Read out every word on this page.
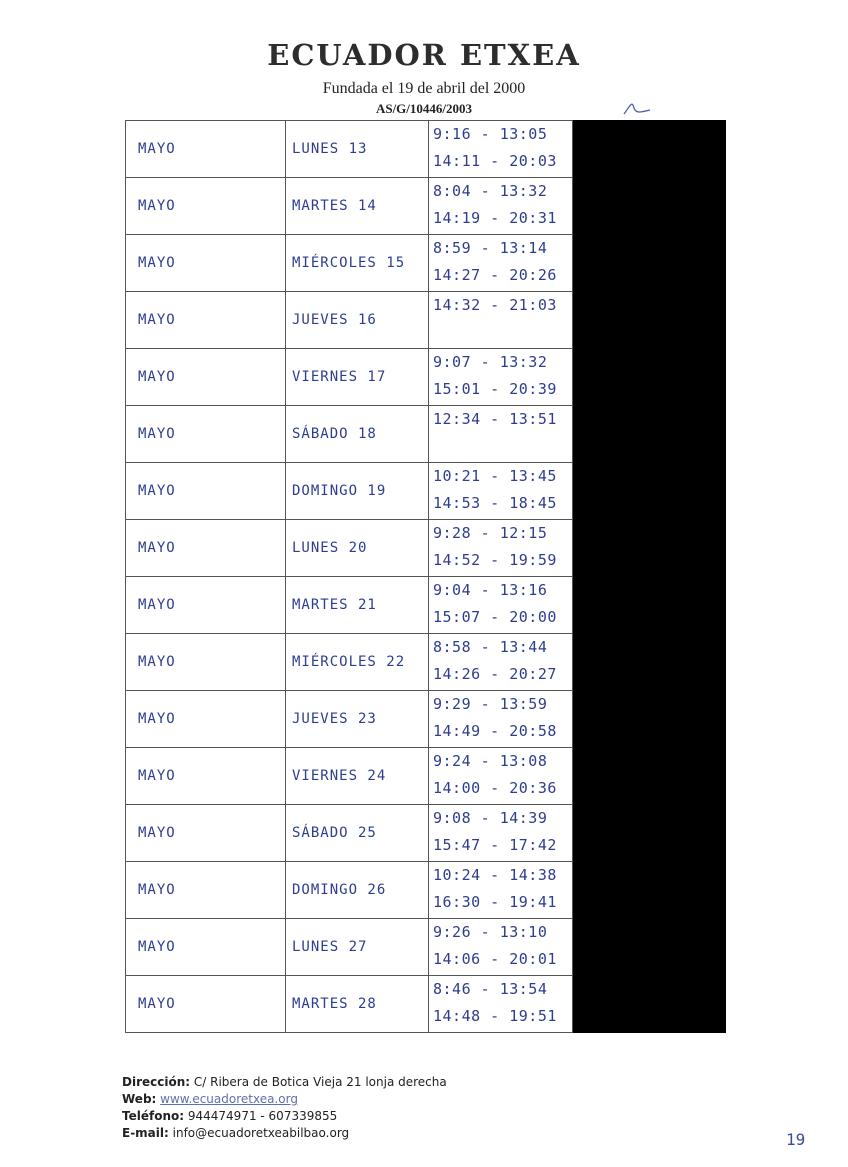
ECUADOR ETXEA
Fundada el 19 de abril del 2000
AS/G/10446/2003
MAYO	LUNES 13	9:16 - 13:05
14:11 - 20:03	

MAYO	MARTES 14	8:04 - 13:32
14:19 - 20:31	

MAYO	MIÉRCOLES 15	8:59 - 13:14
14:27 - 20:26	

MAYO	JUEVES 16	14:32 - 21:03	

MAYO	VIERNES 17	9:07 - 13:32
15:01 - 20:39	

MAYO	SÁBADO 18	12:34 - 13:51	

MAYO	DOMINGO 19	10:21 - 13:45
14:53 - 18:45	

MAYO	LUNES 20	9:28 - 12:15
14:52 - 19:59	

MAYO	MARTES 21	9:04 - 13:16
15:07 - 20:00	

MAYO	MIÉRCOLES 22	8:58 - 13:44
14:26 - 20:27	

MAYO	JUEVES 23	9:29 - 13:59
14:49 - 20:58	

MAYO	VIERNES 24	9:24 - 13:08
14:00 - 20:36	

MAYO	SÁBADO 25	9:08 - 14:39
15:47 - 17:42	

MAYO	DOMINGO 26	10:24 - 14:38
16:30 - 19:41	

MAYO	LUNES 27	9:26 - 13:10
14:06 - 20:01	

MAYO	MARTES 28	8:46 - 13:54
14:48 - 19:51	

Dirección: C/ Ribera de Botica Vieja 21 lonja derecha
Web: www.ecuadoretxea.org
Teléfono: 944474971 - 607339855
E-mail: info@ecuadoretxeabilbao.org	19
